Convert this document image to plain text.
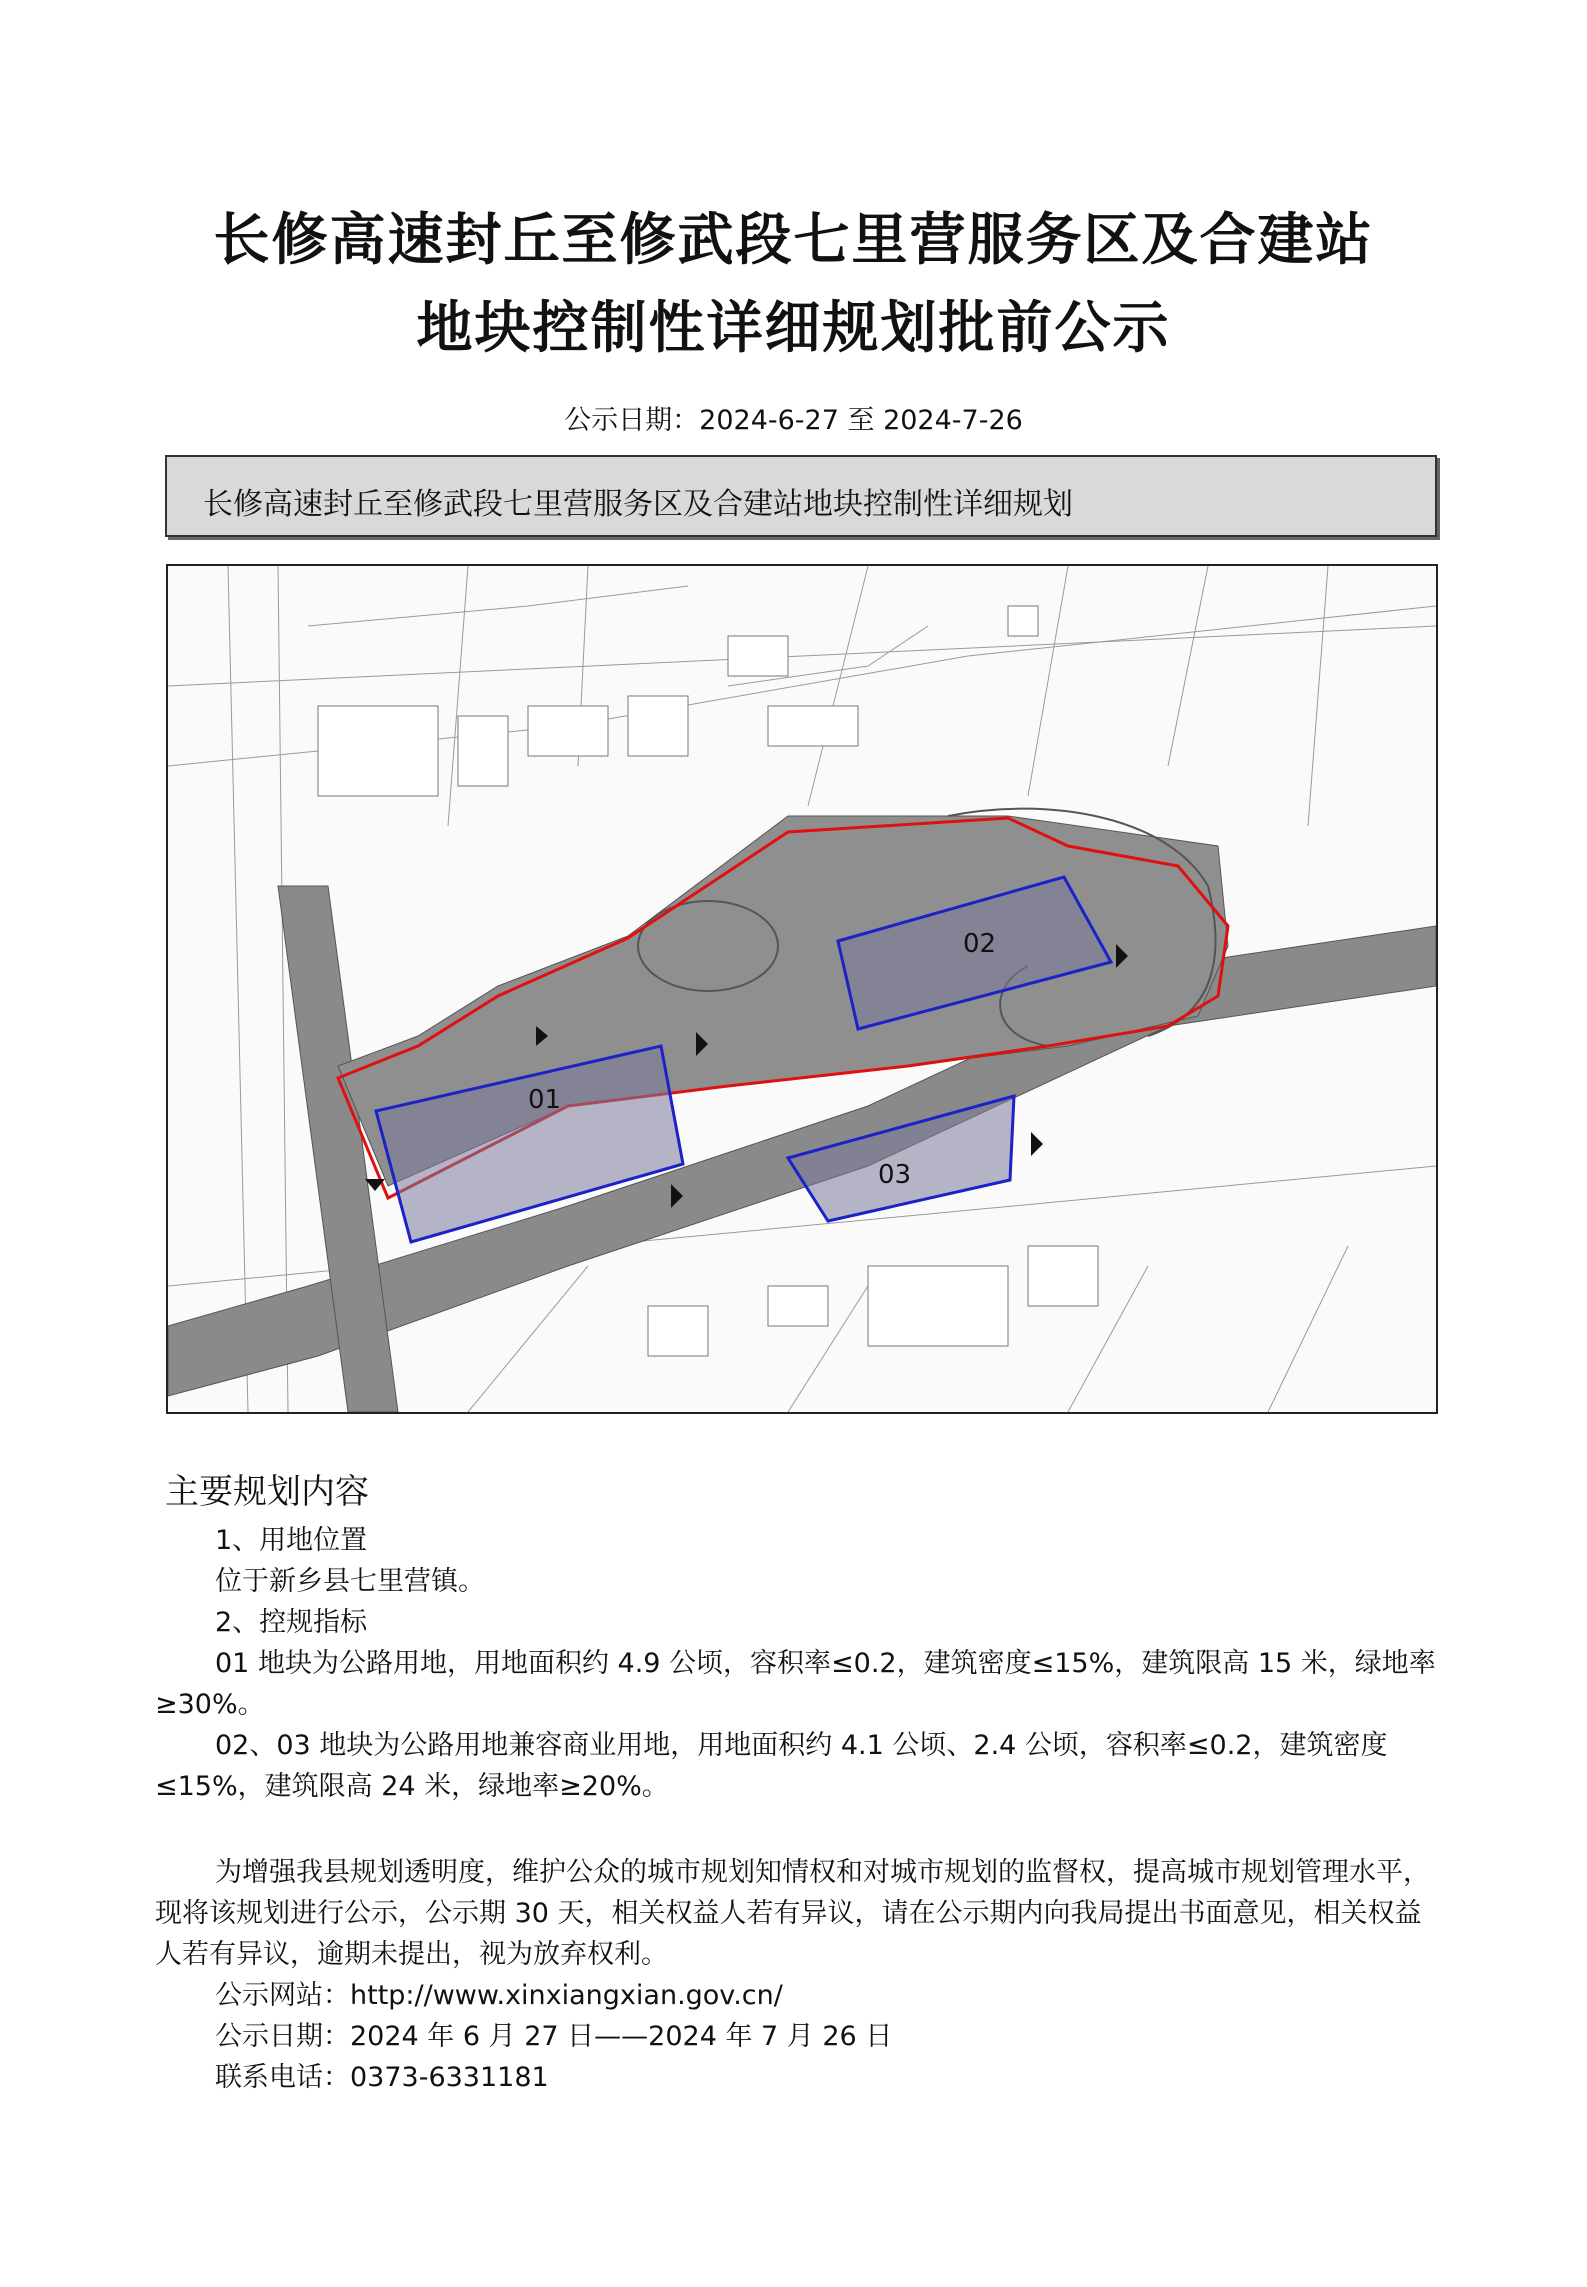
长修高速封丘至修武段七里营服务区及合建站
地块控制性详细规划批前公示
公示日期：2024-6-27 至 2024-7-26
长修高速封丘至修武段七里营服务区及合建站地块控制性详细规划
01
02
03
主要规划内容
1、用地位置
位于新乡县七里营镇。
2、控规指标
01 地块为公路用地，用地面积约 4.9 公顷，容积率≤0.2，建筑密度≤15%，建筑限高 15 米，绿地率≥30%。
02、03 地块为公路用地兼容商业用地，用地面积约 4.1 公顷、2.4 公顷，容积率≤0.2，建筑密度≤15%，建筑限高 24 米，绿地率≥20%。
为增强我县规划透明度，维护公众的城市规划知情权和对城市规划的监督权，提高城市规划管理水平，现将该规划进行公示，公示期 30 天，相关权益人若有异议，请在公示期内向我局提出书面意见，相关权益人若有异议，逾期未提出，视为放弃权利。
公示网站：http://www.xinxiangxian.gov.cn/
公示日期：2024 年 6 月 27 日——2024 年 7 月 26 日
联系电话：0373-6331181
